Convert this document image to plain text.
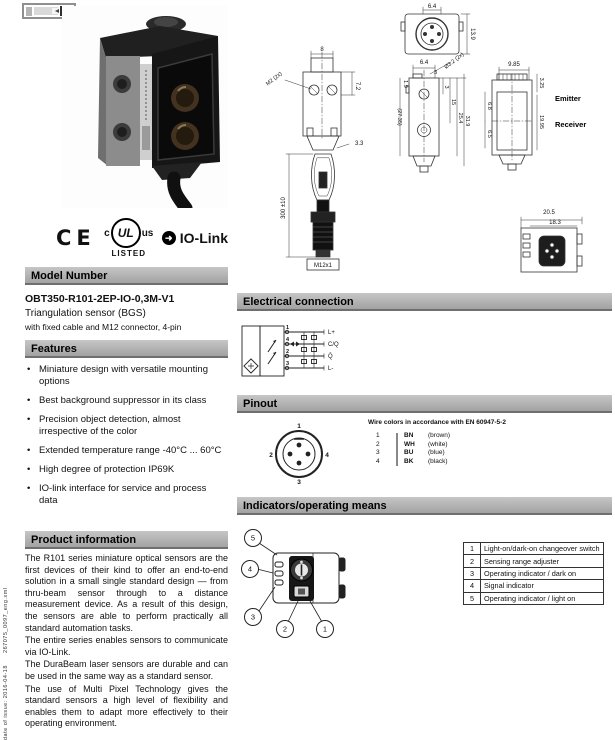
CE c UL us
LISTED
➜ IO-Link
Model Number
OBT350-R101-2EP-IO-0,3M-V1
Triangulation sensor (BGS)
with fixed cable and M12 connector, 4-pin
Features
• Miniature design with versatile mounting options
• Best background suppressor in its class
• Precision object detection, almost irrespective of the color
• Extended temperature range -40°C ... 60°C
• High degree of protection IP69K
• IO-link interface for service and process data
Product information

The R101 series miniature optical sensors are the first devices of their kind to offer an end-to-end solution in a small single standard design — from thru-beam sensor through to a distance measurement device. As a result of this design, the sensors are able to perform practically all standard automation tasks.

The entire series enables sensors to communicate via IO-Link.

The DuraBeam laser sensors are durable and can be used in the same way as a standard sensor.

The use of Multi Pixel Technology gives the standard sensors a high level of flexibility and enables them to adapt more effectively to their operating environment.

date of issue: 2016-04-18      267075_0097_eng.xml
8
7.2
M2 (2x)
3.3
300 ±10
M12x1
6.4
13.9
6.4
3
Ø3.2 (2x)
3
15
25.4 31.9
1.9
(27.35)
9.85
3.25
19.95
6.8
6.5
Emitter
Receiver
20.5
18.3
Electrical connection
1
4
2
3
L+
C/Q
Q̄
L-
Pinout
1
2
3
4
Wire colors in accordance with EN 60947-5-2
1	BN	(brown)
2	WH	(white)
3	BU	(blue)
4	BK	(black)
Indicators/operating means
5
4
3
2	1
1	Light-on/dark-on changeover switch
2	Sensing range adjuster
3	Operating indicator / dark on
4	Signal indicator
5	Operating indicator / light on
